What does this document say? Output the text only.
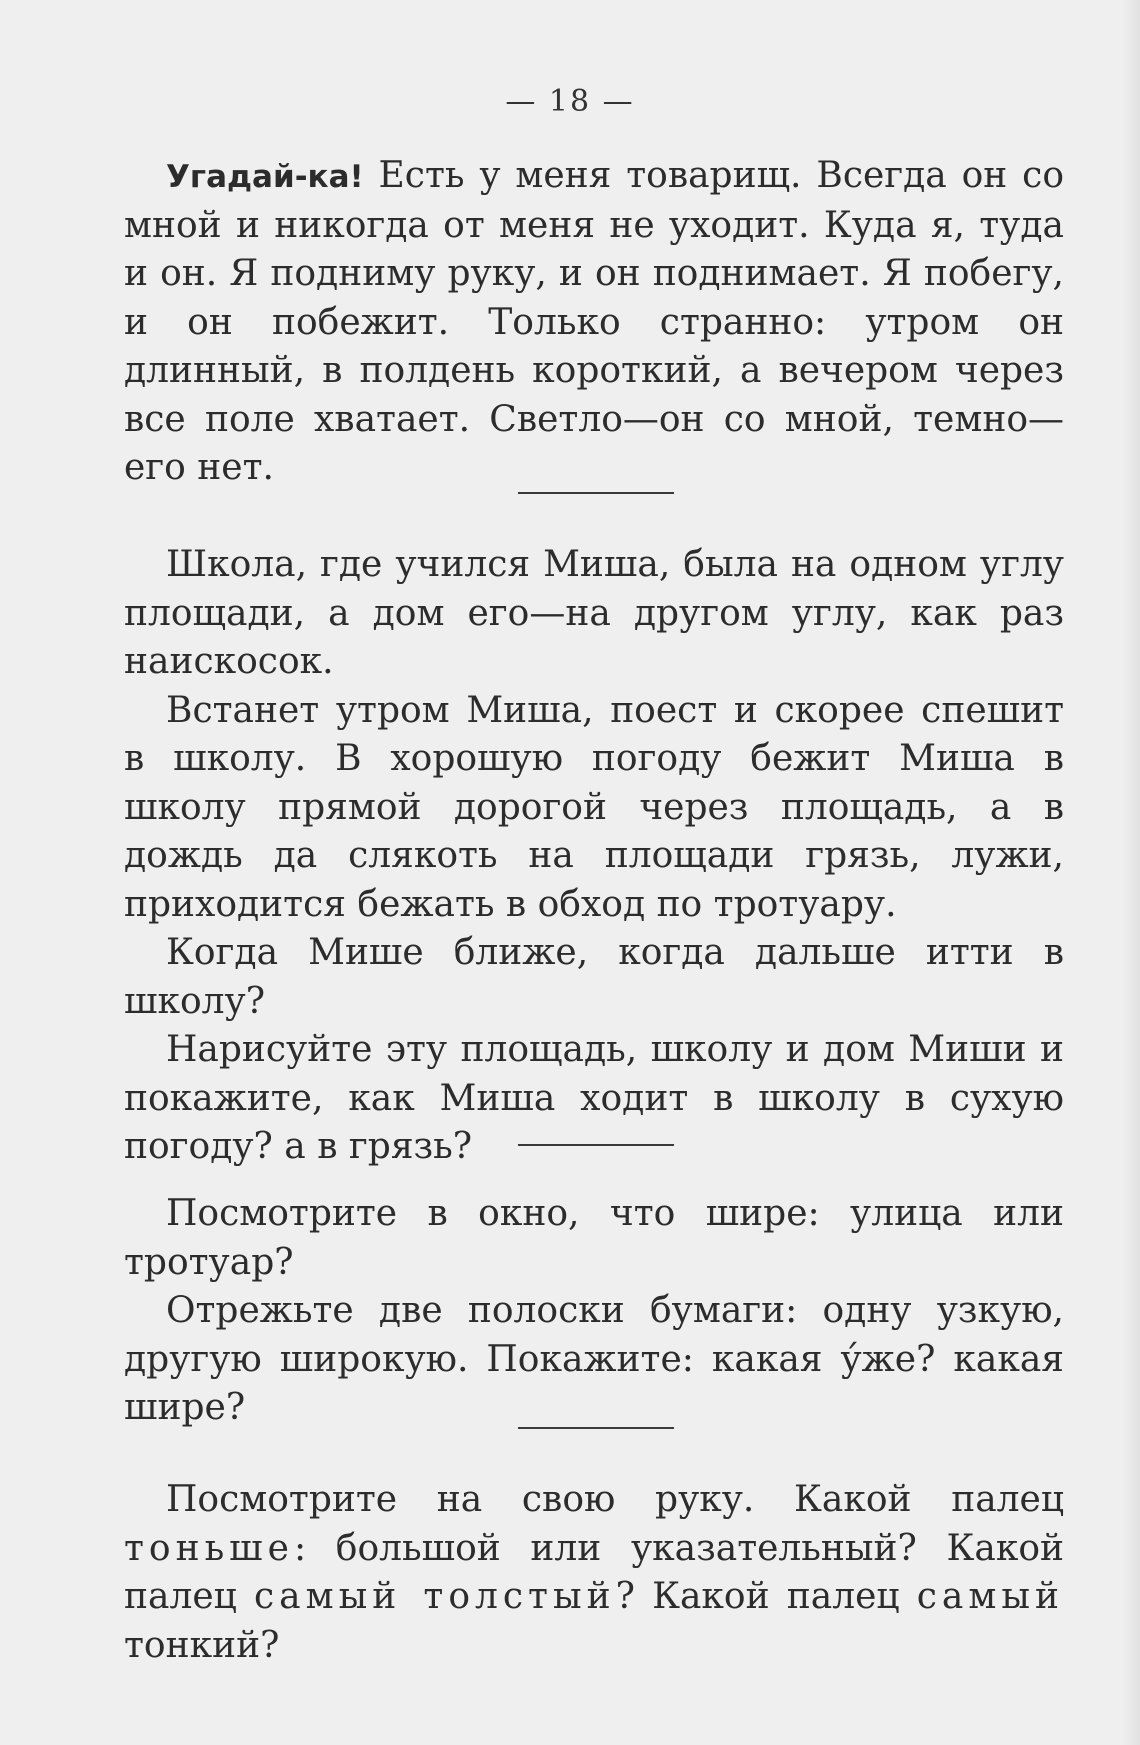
— 18 —

Угадай-ка! Есть у меня товарищ. Всегда он со мной и никогда от меня не уходит. Куда я, туда и он. Я подниму руку, и он поднимает. Я побегу, и он побежит. Только странно: утром он длинный, в полдень короткий, а вечером через все поле хватает. Светло—он со мной, темно—его нет.

Школа, где учился Миша, была на одном углу площади, а дом его—на другом углу, как раз наискосок.

Встанет утром Миша, поест и скорее спешит в школу. В хорошую погоду бежит Миша в школу прямой дорогой через площадь, а в дождь да слякоть на площади грязь, лужи, приходится бежать в обход по тротуару.

Когда Мише ближе, когда дальше итти в школу?

Нарисуйте эту площадь, школу и дом Миши и покажите, как Миша ходит в школу в сухую погоду? а в грязь?

Посмотрите в окно, что шире: улица или тротуар?

Отрежьте две полоски бумаги: одну узкую, другую широкую. Покажите: какая у́же? какая шире?

Посмотрите на свою руку. Какой палец тоньше: большой или указательный? Какой палец самый толстый? Какой палец самый тонкий?
